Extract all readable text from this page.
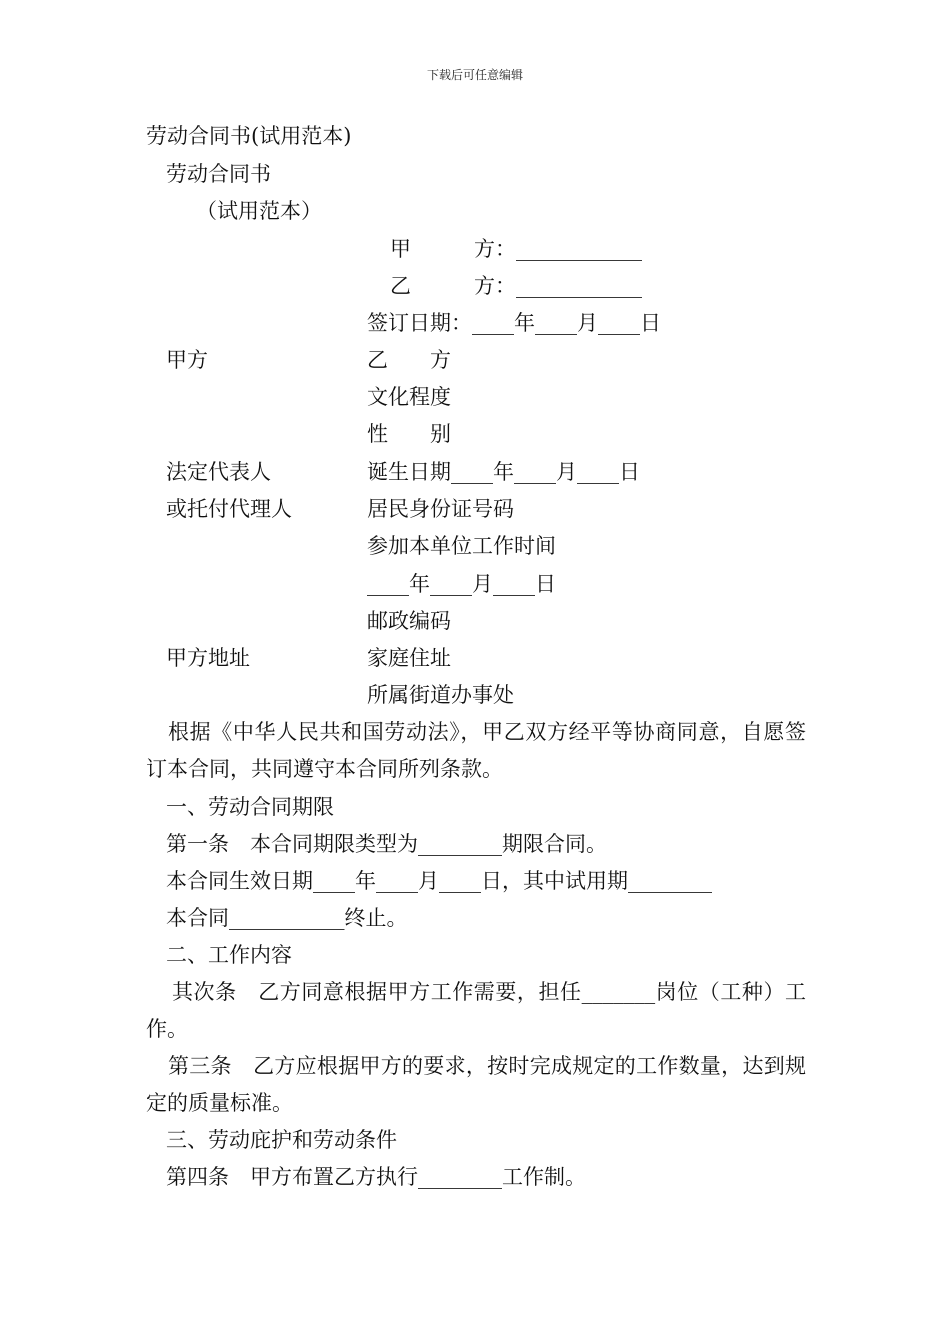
下载后可任意编辑
劳动合同书(试用范本)
劳动合同书
（试用范本）
甲　　　方：____________
乙　　　方：____________
签订日期：____年____月____日
甲方	乙　　方
文化程度
性　　别
法定代表人	诞生日期____年____月____日
或托付代理人	居民身份证号码
参加本单位工作时间
____年____月____日
邮政编码
甲方地址	家庭住址
所属街道办事处

根据《中华人民共和国劳动法》，甲乙双方经平等协商同意，自愿签订本合同，共同遵守本合同所列条款。

一、劳动合同期限
第一条　本合同期限类型为________期限合同。
本合同生效日期____年____月____日，其中试用期________
本合同___________终止。
二、工作内容

其次条　乙方同意根据甲方工作需要，担任_______岗位（工种）工作。

第三条　乙方应根据甲方的要求，按时完成规定的工作数量，达到规定的质量标准。

三、劳动庇护和劳动条件
第四条　甲方布置乙方执行________工作制。
